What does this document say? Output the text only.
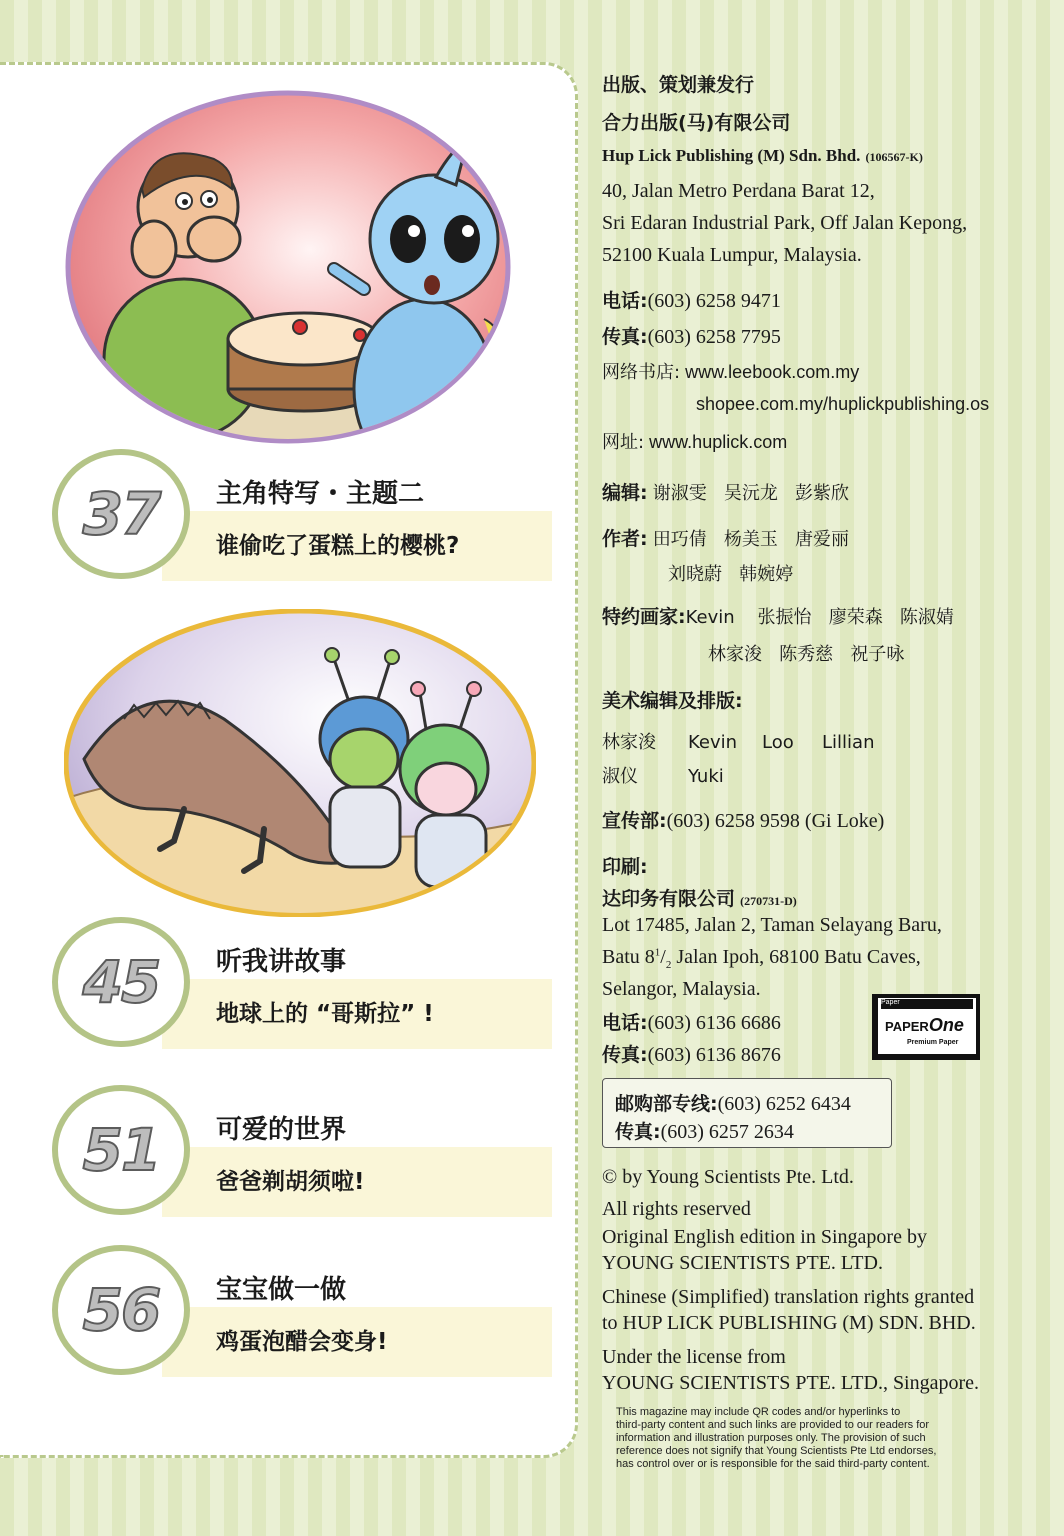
37 主角特写・主题二
谁偷吃了蛋糕上的樱桃?
45 听我讲故事
地球上的 “哥斯拉” !
51 可爱的世界
爸爸剃胡须啦!
56 宝宝做一做
鸡蛋泡醋会变身!
出版、策划兼发行
合力出版(马)有限公司
Hup Lick Publishing (M) Sdn. Bhd. (106567-K)
40, Jalan Metro Perdana Barat 12,
Sri Edaran Industrial Park, Off Jalan Kepong,
52100 Kuala Lumpur, Malaysia.
电话:(603) 6258 9471
传真:(603) 6258 7795
网络书店: www.leebook.com.my
shopee.com.my/huplickpublishing.os
网址: www.huplick.com
编辑: 谢淑雯   吴沅龙   彭紫欣
作者: 田巧倩   杨美玉   唐爱丽
刘晓蔚   韩婉婷
特约画家:Kevin    张振怡   廖荣森   陈淑婧
林家浚   陈秀慈   祝子咏
美术编辑及排版:
林家浚 Kevin Loo Lillian
淑仪	Yuki
宣传部:(603) 6258 9598 (Gi Loke)
印刷:
达印务有限公司 (270731-D)
Lot 17485, Jalan 2, Taman Selayang Baru,
Batu $8^1/_2$ Jalan Ipoh, 68100 Batu Caves,
Selangor, Malaysia.
电话:(603) 6136 6686
传真:(603) 6136 8676
Paper
PAPEROne
Premium Paper
邮购部专线:(603) 6252 6434
传真:(603) 6257 2634
© by Young Scientists Pte. Ltd.
All rights reserved
Original English edition in Singapore by
YOUNG SCIENTISTS PTE. LTD.
Chinese (Simplified) translation rights granted
to HUP LICK PUBLISHING (M) SDN. BHD.
Under the license from
YOUNG SCIENTISTS PTE. LTD., Singapore.
This magazine may include QR codes and/or hyperlinks to
third-party content and such links are provided to our readers for
information and illustration purposes only. The provision of such
reference does not signify that Young Scientists Pte Ltd endorses,
has control over or is responsible for the said third-party content.
